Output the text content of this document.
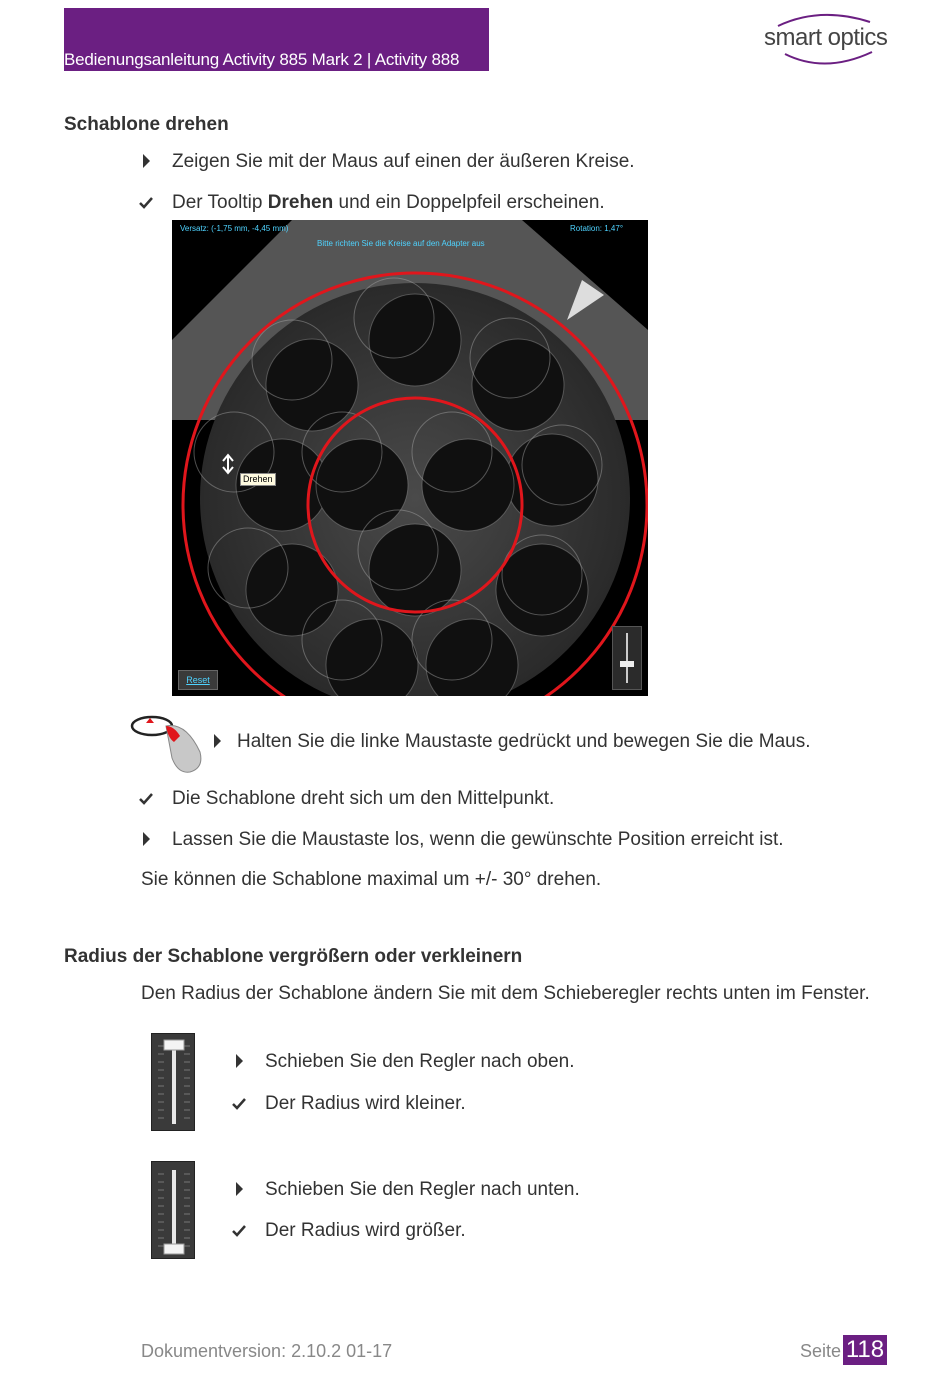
Bedienungsanleitung Activity 885 Mark 2 | Activity 888
smart optics
Schablone drehen
Zeigen Sie mit der Maus auf einen der äußeren Kreise.
Der Tooltip Drehen und ein Doppelpfeil erscheinen.
Versatz: (-1,75 mm, -4,45 mm)
Bitte richten Sie die Kreise auf den Adapter aus
Rotation: 1,47°
Drehen
Reset
Halten Sie die linke Maustaste gedrückt und bewegen Sie die Maus.
Die Schablone dreht sich um den Mittelpunkt.
Lassen Sie die Maustaste los, wenn die gewünschte Position erreicht ist.
Sie können die Schablone maximal um +/- 30° drehen.
Radius der Schablone vergrößern oder verkleinern
Den Radius der Schablone ändern Sie mit dem Schieberegler rechts unten im Fenster.
Schieben Sie den Regler nach oben.
Der Radius wird kleiner.
Schieben Sie den Regler nach unten.
Der Radius wird größer.
Dokumentversion: 2.10.2 01-17	Seite 118
